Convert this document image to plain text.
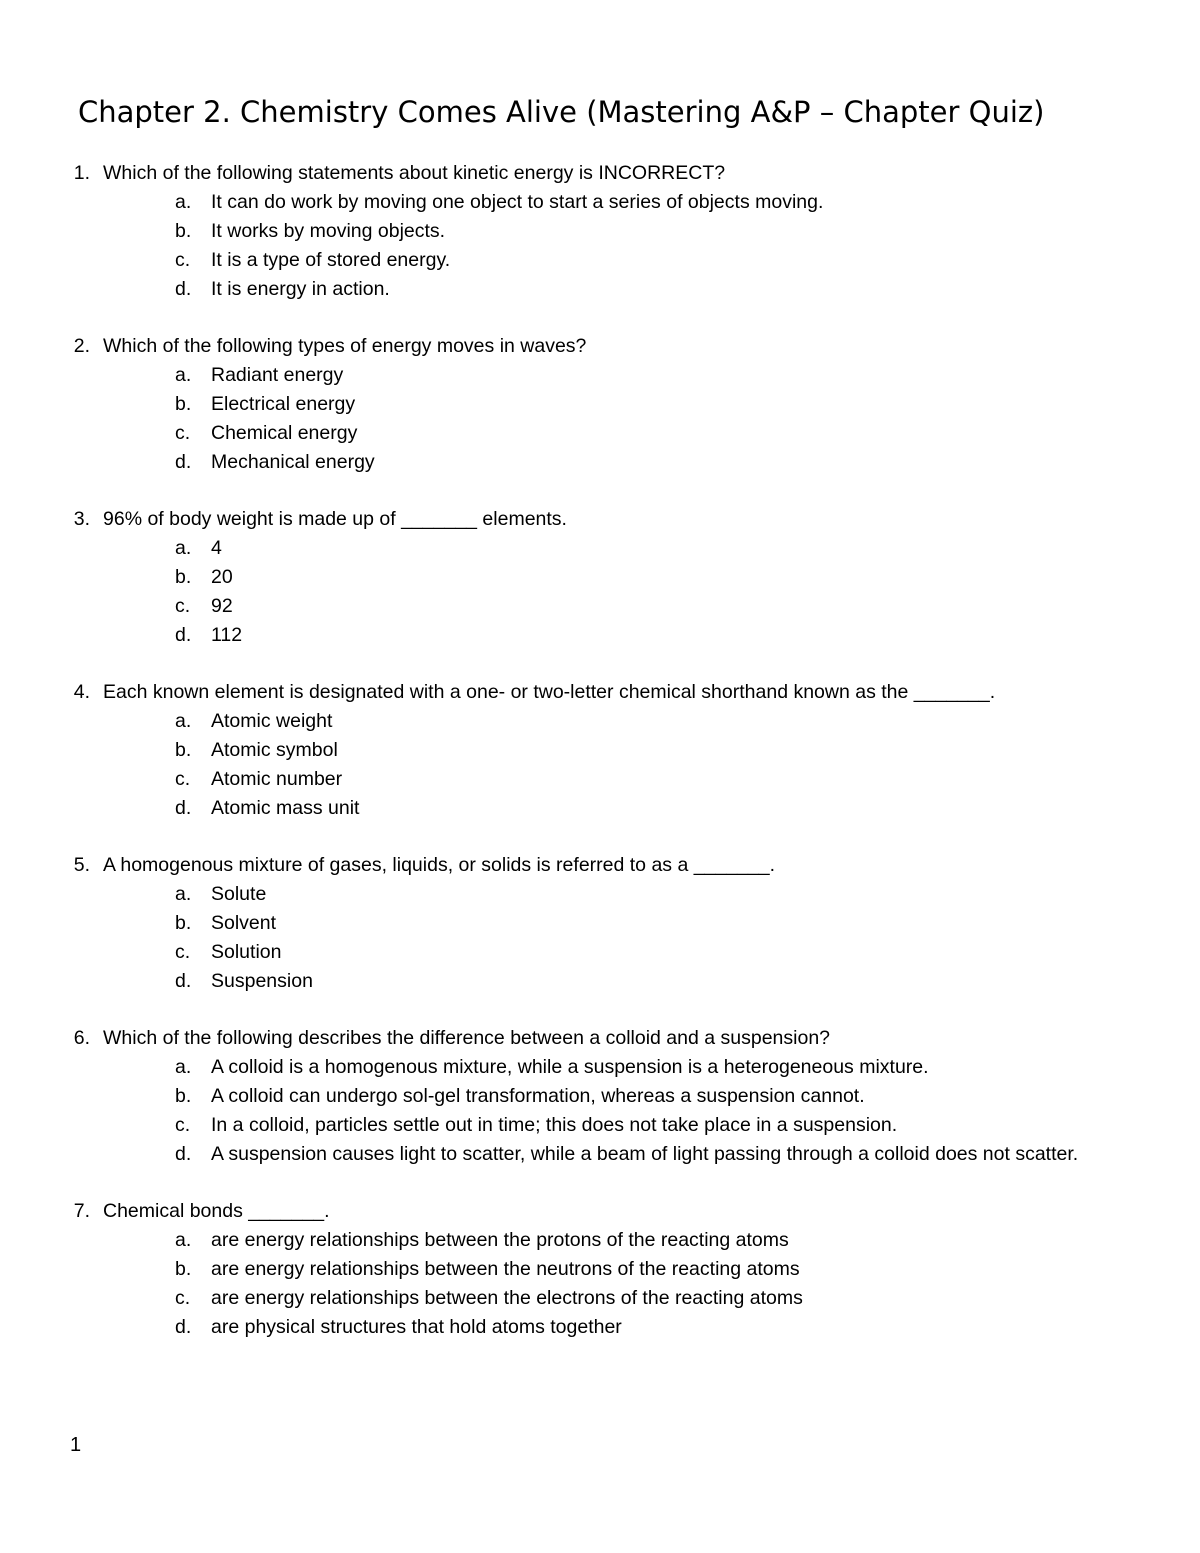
Chapter 2. Chemistry Comes Alive (Mastering A&P – Chapter Quiz)
1. Which of the following statements about kinetic energy is INCORRECT?
a.	It can do work by moving one object to start a series of objects moving.
b.	It works by moving objects.
c.	It is a type of stored energy.
d.	It is energy in action.
2. Which of the following types of energy moves in waves?
a.	Radiant energy
b.	Electrical energy
c.	Chemical energy
d.	Mechanical energy
3. 96% of body weight is made up of _______ elements.
a.	4
b.	20
c.	92
d.	112
4. Each known element is designated with a one- or two-letter chemical shorthand known as the _______.
a.	Atomic weight
b.	Atomic symbol
c.	Atomic number
d.	Atomic mass unit
5. A homogenous mixture of gases, liquids, or solids is referred to as a _______.
a.	Solute
b.	Solvent
c.	Solution
d.	Suspension
6. Which of the following describes the difference between a colloid and a suspension?
a.	A colloid is a homogenous mixture, while a suspension is a heterogeneous mixture.
b.	A colloid can undergo sol-gel transformation, whereas a suspension cannot.
c.	In a colloid, particles settle out in time; this does not take place in a suspension.
d.	A suspension causes light to scatter, while a beam of light passing through a colloid does not scatter.
7. Chemical bonds _______.
a.	are energy relationships between the protons of the reacting atoms
b.	are energy relationships between the neutrons of the reacting atoms
c.	are energy relationships between the electrons of the reacting atoms
d.	are physical structures that hold atoms together
1
